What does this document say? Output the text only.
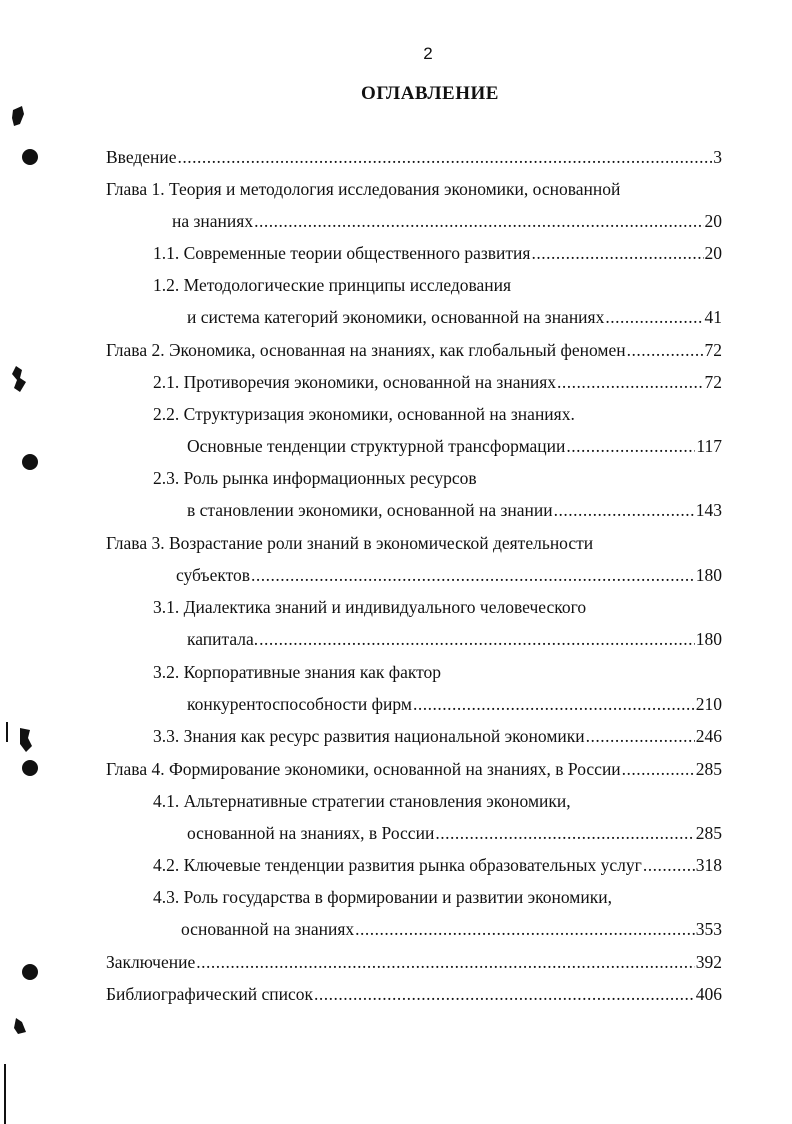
2
ОГЛАВЛЕНИЕ
Введение .....	3
Глава 1. Теория и методология исследования экономики, основанной
на знаниях .....	20
1.1. Современные теории общественного развития .....	20
1.2. Методологические принципы исследования
и система категорий экономики, основанной на знаниях .....	41
Глава 2. Экономика, основанная на знаниях, как глобальный феномен .....	72
2.1. Противоречия экономики, основанной на знаниях .....	72
2.2. Структуризация экономики, основанной на знаниях.
Основные тенденции структурной трансформации .....	117
2.3. Роль рынка информационных ресурсов
в становлении экономики, основанной на знании .....	143
Глава 3. Возрастание роли знаний в экономической деятельности
субъектов .....	180
3.1. Диалектика знаний и индивидуального человеческого
капитала. .....	180
3.2. Корпоративные знания как фактор
конкурентоспособности фирм .....	210
3.3. Знания как ресурс развития национальной экономики .....	246
Глава 4. Формирование экономики, основанной на знаниях, в России .....	285
4.1. Альтернативные стратегии становления экономики,
основанной на знаниях, в России .....	285
4.2. Ключевые тенденции развития рынка образовательных услуг .....	318
4.3. Роль государства в формировании и развитии экономики,
основанной на знаниях .....	353
Заключение .....	392
Библиографический список .....	406
